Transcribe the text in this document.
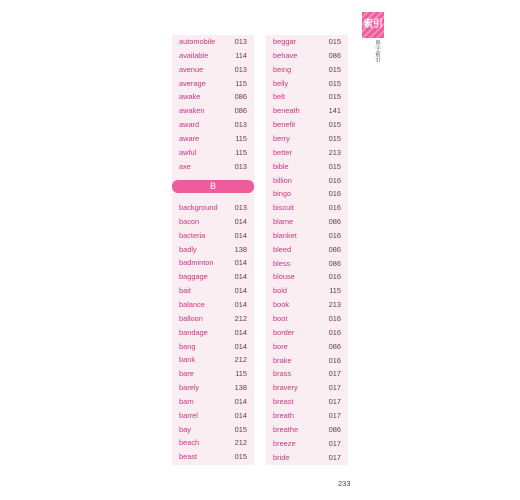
automobile	013
available	114
avenue	013
average	115
awake	086
awaken	086
award	013
aware	115
awful	115
axe	013
B
background 013
bacon	014
bacteria	014
badly	138
badminton	014
baggage	014
bait	014
balance	014
balloon	212
bandage	014
bang	014
bank	212
bare	115
barely	138
barn	014
barrel	014
bay	015
beach	212
beast	015
beggar	015
behave	086
being	015
belly	015
belt	015
beneath	141
benefit	015
berry	015
better	213
bible	015
billion	016
bingo	016
biscuit	016
blame	086
blanket	016
bleed	086
bless	086
blouse	016
bold	115
book	213
boot	016
border	016
bore	086
brake	016
brass	017
bravery	017
breast	017
breath	017
breathe	086
breeze	017
bride	017
索引
單字索引
233
